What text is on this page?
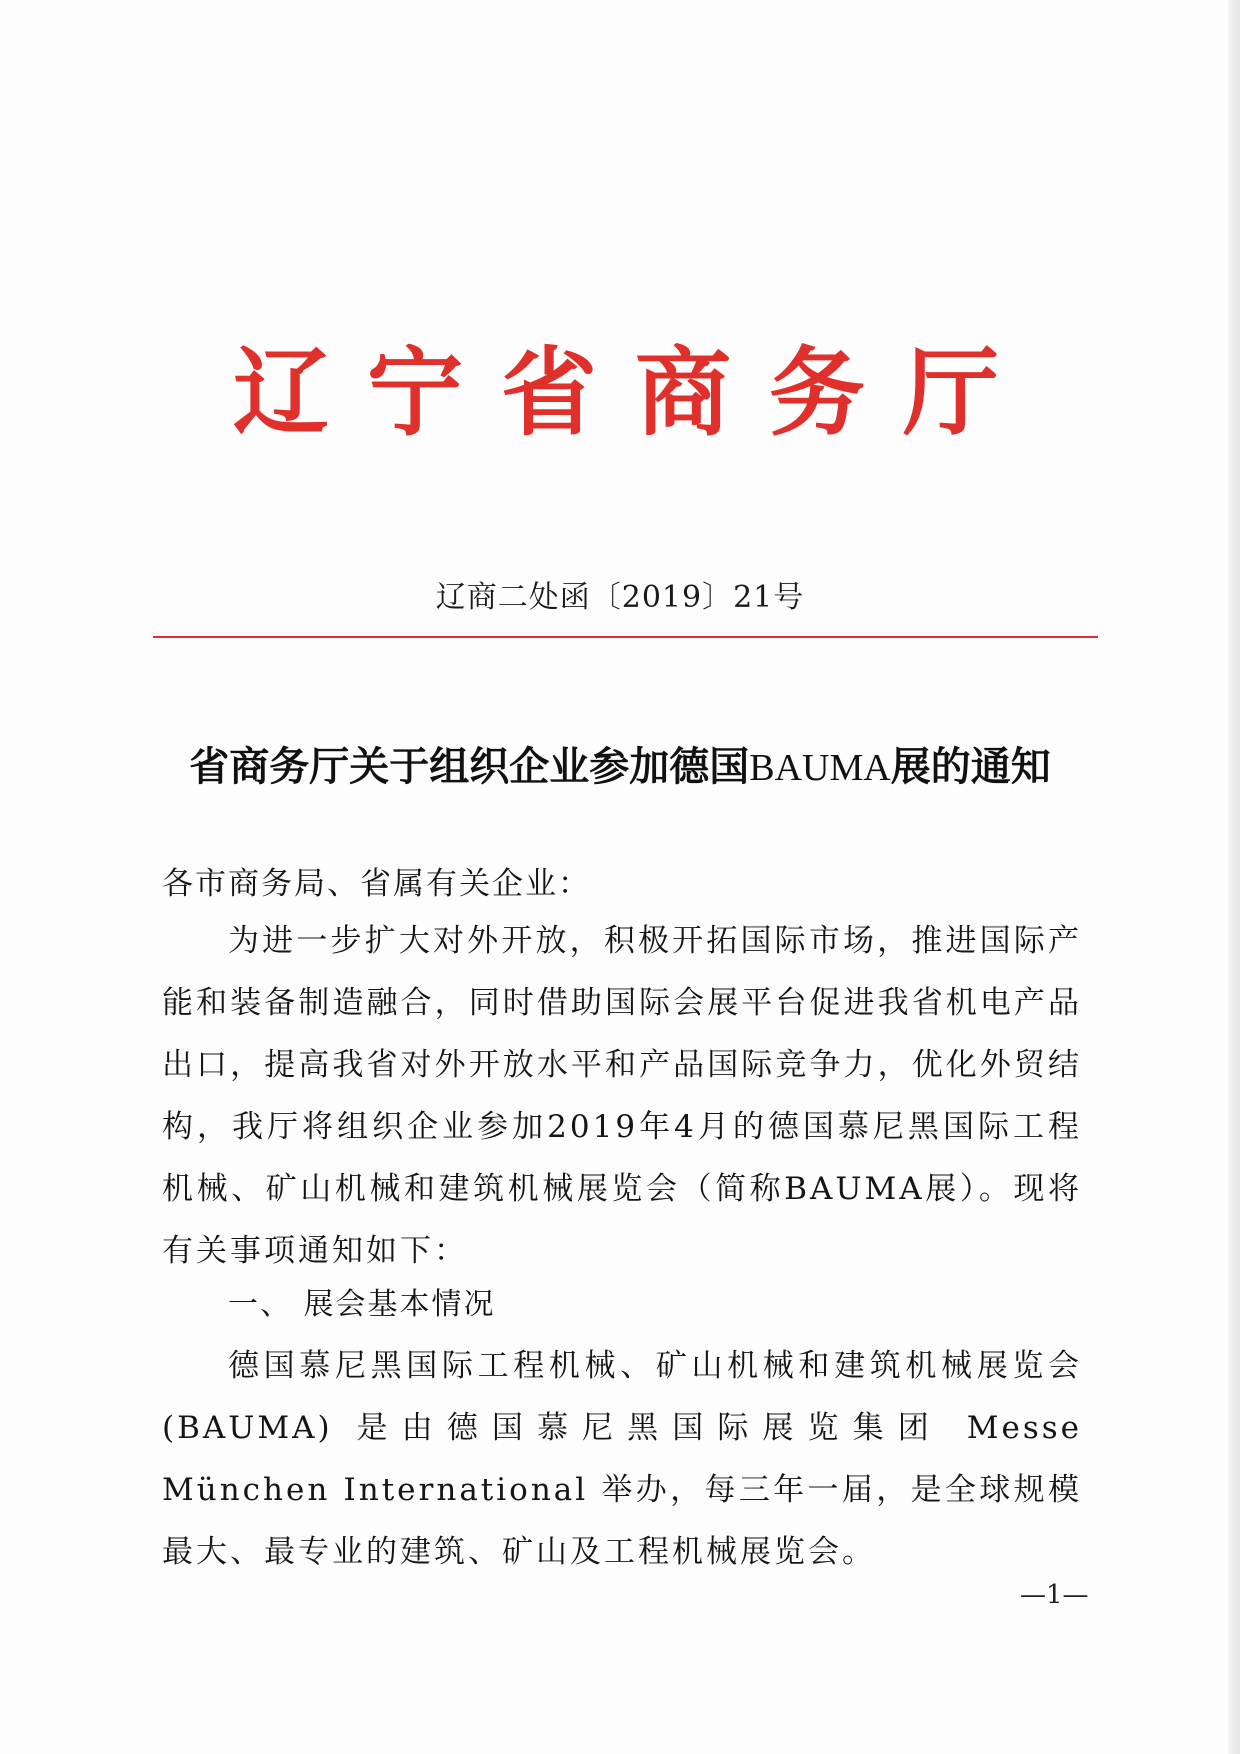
辽宁省商务厅
辽商二处函〔2019〕21号
省商务厅关于组织企业参加德国BAUMA展的通知
各市商务局、省属有关企业：
为进一步扩大对外开放，积极开拓国际市场，推进国际产能和装备制造融合，同时借助国际会展平台促进我省机电产品出口，提高我省对外开放水平和产品国际竞争力，优化外贸结构，我厅将组织企业参加2019年4月的德国慕尼黑国际工程机械、矿山机械和建筑机械展览会（简称BAUMA展）。现将有关事项通知如下：
一、 展会基本情况
德国慕尼黑国际工程机械、矿山机械和建筑机械展览会(BAUMA) 是由德国慕尼黑国际展览集团 Messe München International 举办，每三年一届，是全球规模最大、最专业的建筑、矿山及工程机械展览会。
—1—
